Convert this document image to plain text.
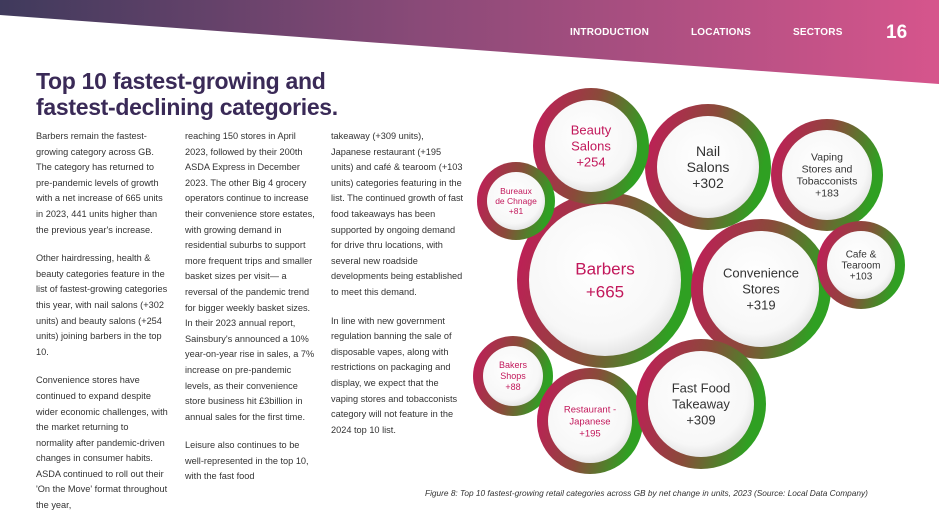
INTRODUCTION	LOCATIONS	SECTORS 16
Top 10 fastest-growing and fastest-declining categories.

Barbers remain the fastest-growing category across GB. The category has returned to pre-pandemic levels of growth with a net increase of 665 units in 2023, 441 units higher than the previous year's increase.

Other hairdressing, health & beauty categories feature in the list of fastest-growing categories this year, with nail salons (+302 units) and beauty salons (+254 units) joining barbers in the top 10.

Convenience stores have continued to expand despite wider economic challenges, with the market returning to normality after pandemic-driven changes in consumer habits. ASDA continued to roll out their 'On the Move' format throughout the year,

reaching 150 stores in April 2023, followed by their 200th ASDA Express in December 2023. The other Big 4 grocery operators continue to increase their convenience store estates, with growing demand in residential suburbs to support more frequent trips and smaller basket sizes per visit— a reversal of the pandemic trend for bigger weekly basket sizes. In their 2023 annual report, Sainsbury's announced a 10% year-on-year rise in sales, a 7% increase on pre-pandemic levels, as their convenience store business hit £3billion in annual sales for the first time.

Leisure also continues to be well-represented in the top 10, with the fast food

takeaway (+309 units), Japanese restaurant (+195 units) and café & tearoom (+103 units) categories featuring in the list. The continued growth of fast food takeaways has been supported by ongoing demand for drive thru locations, with several new roadside developments being established to meet this demand.

In line with new government regulation banning the sale of disposable vapes, along with restrictions on packaging and display, we expect that the vaping stores and tobacconists category will not feature in the 2024 top 10 list.

Barbers
+665
Nail
Salons
+302
Beauty
Salons
+254	Vaping
Stores and
Tobacconists
+183
Bureaux
de Chnage
+81
Convenience
Stores
+319
Cafe &
Tearoom
+103
Bakers
Shops
+88
Restaurant -
Japanese
+195
Fast Food
Takeaway
+309
Figure 8: Top 10 fastest-growing retail categories across GB by net change in units, 2023 (Source: Local Data Company)
